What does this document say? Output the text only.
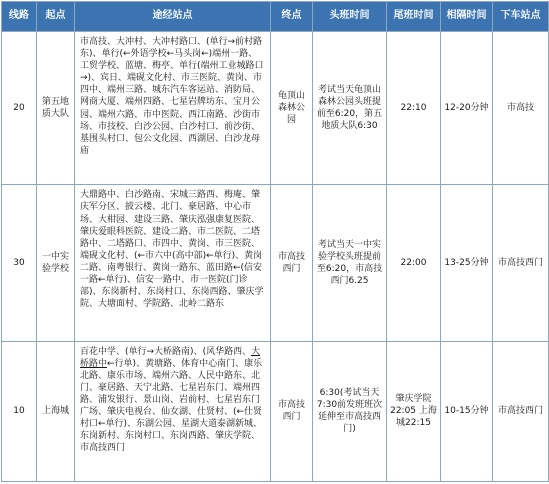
线路	起点	途经站点	终点	头班时间	尾班时间	相隔时间	下车站点
20	第五地质大队	市高技、大冲村、大冲村路口、(单行→前村路东)、单行(←外语学校←马头岗←)端州一路、工贸学校、蓝塘、梅亭、单行(端州工业城路口→)、宾日、端砚文化村、市三医院、黄岗、市四中、端州三路、城东汽车客运站、消防局、网商大厦、端州四路、七星岩牌坊东、宝月公园、端州六路、市中医院、西江南路、沙街市场、市技校、白沙公园、白沙村口、前沙街、基围头村口、包公文化园、西湖居、白沙龙母庙	龟顶山森林公园	考试当天龟顶山森林公园头班提前至6:20，第五地质大队6:30	22:10	12-20分钟	市高技
30	一中实验学校	大鼎路中、白沙路南、宋城三路西、梅庵、肇庆军分区、披云楼、北门、豪居路、中心市场、大柑园、建设三路、肇庆泓强康复医院、肇庆爱眼科医院、建设二路、市二医院、二塔路中、二塔路口、市四中、黄岗、市三医院、端砚文化村、(←市六中(高中部)←单行)、黄岗二路、南粤银行、黄岗一路东、蓝田路←(信安一路←单行)、信安一路中、市一医院(门诊部)、东岗新村、东岗村口、东岗西路、肇庆学院、大塘面村、学院路、北岭二路东	市高技西门	考试当天一中实验学校头班提前至6:20，市高技西门6.25	22:00	13-25分钟	市高技西门
10	上海城	百花中学、(单行→大桥路南)、(风华路西、大桥路中←行单)、黄塘路、体育中心南门、康乐北路、康乐市场、端州六路、人民中路东、北门、豪居路、天宁北路、七星岩东门、端州四路、浦发银行、景山岗、岩前村、七星岩东门广场、肇庆电视台、仙女湖、仕贤村、(←仕贤村口←单行)、东湖公园、星湖大道泰湖新城、东岗新村、东岗村口、东岗西路、肇庆学院、市高技西门	市高技西门	6:30(考试当天7:30前发班班次延伸至市高技西门)	肇庆学院22:05 上海城22:15	10-15分钟	市高技西门
